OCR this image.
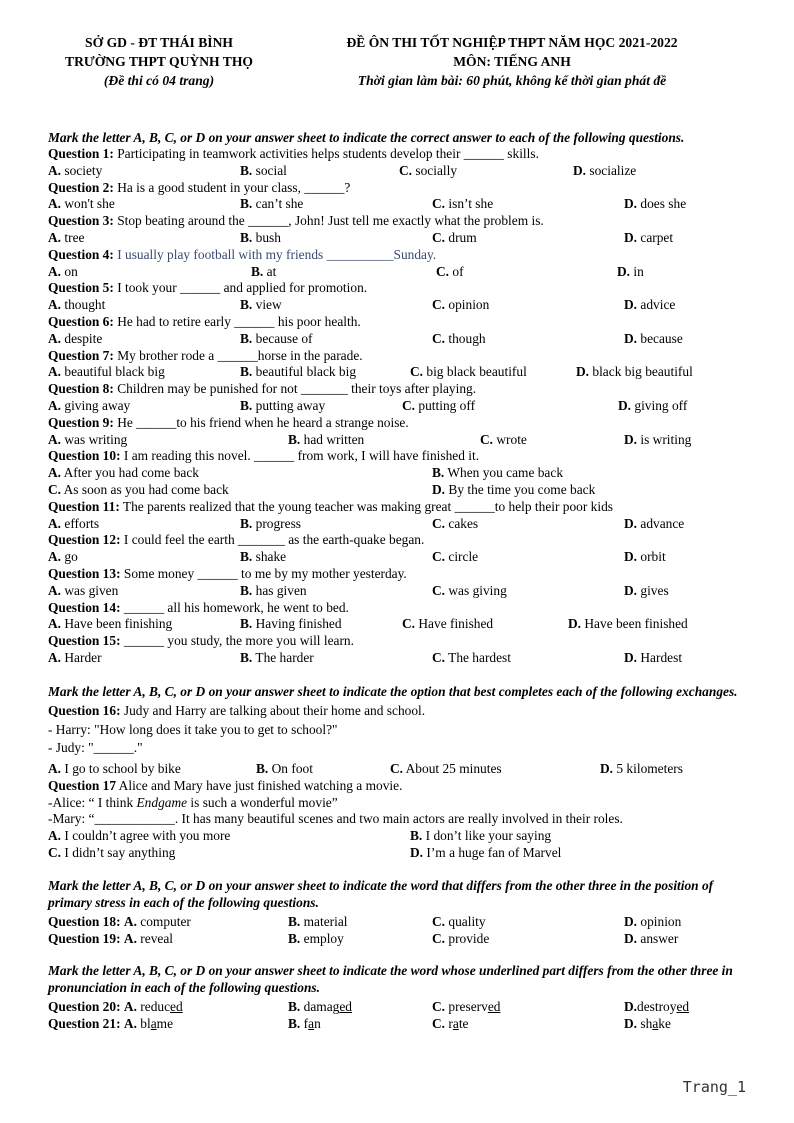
SỞ GD - ĐT THÁI BÌNH
TRƯỜNG THPT QUỲNH THỌ
(Đề thi có 04 trang)
ĐỀ ÔN THI TỐT NGHIỆP THPT NĂM HỌC 2021-2022
MÔN: TIẾNG ANH
Thời gian làm bài: 60 phút, không kể thời gian phát đề
Mark the letter A, B, C, or D on your answer sheet to indicate the correct answer to each of the following questions.
Question 1: Participating in teamwork activities helps students develop their ______ skills.
A. society	B. social	C. socially	D. socialize
Question 2: Ha is a good student in your class, ______?
A. won't she	B. can’t she	C. isn’t she	D. does she
Question 3: Stop beating around the ______, John! Just tell me exactly what the problem is.
A. tree	B. bush	C. drum	D. carpet
Question 4: I usually play football with my friends __________Sunday.
A. on	B. at	C. of	D. in
Question 5: I took your ______ and applied for promotion.
A. thought	B. view	C. opinion	D. advice
Question 6: He had to retire early ______ his poor health.
A. despite	B. because of	C. though	D. because
Question 7: My brother rode a ______horse in the parade.
A. beautiful black big	B. beautiful black big	C. big black beautiful	D. black big beautiful
Question 8: Children may be punished for not _______ their toys after playing.
A. giving away	B. putting away	C. putting off	D. giving off
Question 9: He ______to his friend when he heard a strange noise.
A. was writing	B. had written	C. wrote	D. is writing
Question 10: I am reading this novel. ______ from work, I will have finished it.
A. After you had come back	B. When you came back
C. As soon as you had come back	D. By the time you come back
Question 11: The parents realized that the young teacher was making great ______to help their poor kids
A. efforts	B. progress	C. cakes	D. advance
Question 12: I could feel the earth _______ as the earth-quake began.
A. go	B. shake	C. circle	D. orbit
Question 13: Some money ______ to me by my mother yesterday.
A. was given	B. has given	C. was giving	D. gives
Question 14: ______ all his homework, he went to bed.
A. Have been finishing	B. Having finished	C. Have finished	D. Have been finished
Question 15: ______ you study, the more you will learn.
A. Harder	B. The harder	C. The hardest	D. Hardest
Mark the letter A, B, C, or D on your answer sheet to indicate the option that best completes each of the following exchanges.
Question 16: Judy and Harry are talking about their home and school.
- Harry: "How long does it take you to get to school?"
- Judy: "______."
A. I go to school by bike	B. On foot	C. About 25 minutes	D. 5 kilometers
Question 17 Alice and Mary have just finished watching a movie.
-Alice: “ I think Endgame is such a wonderful movie”
-Mary: “____________. It has many beautiful scenes and two main actors are really involved in their roles.
A. I couldn’t agree with you more	B. I don’t like your saying
C. I didn’t say anything	D. I’m a huge fan of Marvel
Mark the letter A, B, C, or D on your answer sheet to indicate the word that differs from the other three in the position of primary stress in each of the following questions.
Question 18: A. computer	B. material	C. quality	D. opinion
Question 19: A. reveal	B. employ	C. provide	D. answer
Mark the letter A, B, C, or D on your answer sheet to indicate the word whose underlined part differs from the other three in pronunciation in each of the following questions.
Question 20: A. reduced	B. damaged	C. preserved	D.destroyed
Question 21: A. blame	B. fan	C. rate	D. shake
Trang_1
